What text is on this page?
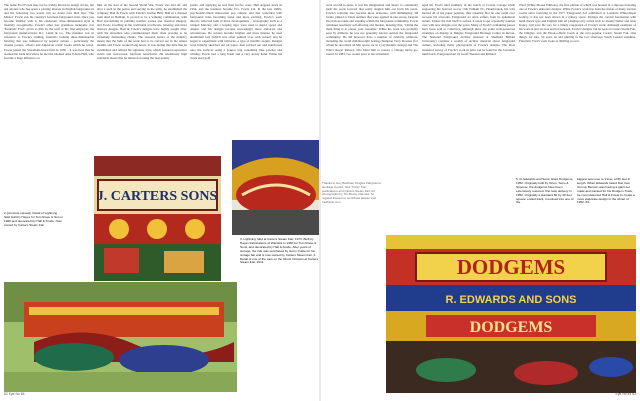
The name Fred Fowle may not be widely known in design circles, but ask anyone who has spent a passing interest in English fairground art and the following two words will no doubt pass their lips: 'The Master.' Fowle was the country's foremost fairground artist. Once you become familiar with it, his exuberant, three-dimensional style is instantly recognisable. Fowle's other less grandiose nickname was 'Futuristic Fred', given to him by the staff at his first employer, the fairground manufacturers R.J. Lakin & Co. The moniker was in reference to Fowle's striking, futuristic looking three-dimensional lettering that was influenced by popular culture – particularly the cinema posters, adverts and American comic books which he loved. Fowle joined the Streatham-based firm in 1939 – it was here that he learned his trade and where he met the talented artist Edwin Hall, who became a huge influence on
him. At the start of the Second World War, Fowle was laid off, and after a spell in the police and serving in the army, he established the company Hall & Fowle with Edwin's brother Billy Hall in a disused tram shed in Balham. It proved to be a winning combination, with Hall specialising in painting realistic scenes and classical imagery, and Fowle excelling in the traditional scrollwork, lettering and more abstract designs. Hall & Fowle's designs were highly sought after, with the showmen who commissioned them often proving to be extremely demanding clients. The seasonal nature of the industry meant that the bulk of the work had to be carried out in the winter months and Fowle worked long hours. It was during this time that he established and refined his signature style, which featured expressive swirls and curvaceous, forefront letterforms. He relentlessly high standards meant that he insisted on using the best quality
paints, and applying no less than twelve coats. Hall stepped down in 1954, and the business became F.G. Fowle Ltd. In the late 1960s, psychedelic-tinted innovation pop culture, and this coincided with fairground rides becoming faster and more exciting. Fowle's work directly reflected both of these developments – iconography such as a winged Mercury and a leaping tiger were used to depict speed and danger, and his designs became increasingly more elaborate and adventurous, the colours became brighter and more intense, he used aluminium leaf (which was often painted over with colour) and he began to experiment with Glitterite, a type of metallic sequin. Designs were initially sketched out on paper, then pricked out and transferred onto the surfaces using a pounce bag containing blue powder and whiting. Fowle had a long brush and a very steady hand. While his rivals used gold
2 (previous spread). Detail of Lightning Skid built by Hayes for Tom Rowe & Son in 1960 and decorated by Hall & Fowle. Now owned by Carters Steam Fair.
J. CARTERS SONS
3. Lightning Skid at Carters Steam Fair. 1973. Built by Hayes Fabrications of Warwick in 1960 for Tom Rowe & Sons, and decorated by Hall & Fowle. After years of storage, the ride was purchased by Gerry Cottle for his vintage fair and is now owned by Carters Steam Fair. 4. Detail of one of the cars on the Ghost Octopus at Carters Steam Fair, 2011.
62 Eye No 84
were second-to-none, it was his imagination and desire to continually push his work forward that really singled him out from his peers. Fowle's lettering also became more elaborate, with shimmering 3D forms, pinked or black outlines that were applied in one sweep. Despite his obvious talent and standing within the fairground community, Fowle remained resolutely self-effacing and modest, insisting that, 'I think the main thing is to please your customer.' While his work was probably seen by millions, he was not generally known outside the fairground community. He did however have a number of celebrity admirers, including the world middleweight boxing champion Terry Downes (for whom he decorated an MG sports car in a psychedelic design) and The Who's Roger Daltrey, who hired him to restore a vintage merry-go-round. In 1983, two weeks prior to his retirement,
aged 69, Fowle died suddenly in the stands at Craven Cottage while supporting his beloved soccer club Fulham FC. Heartbroken, his wife burned all of his paper patterns, thus ensuring that no one could ever recreate his artworks. Fairground art often suffers from its ephemeral nature. Unless the ride itself is retired, it tends to get repeatedly painted over with new designs over the years. Many of Fowle's remaining pieces have been sold to collectors, although there are some well-preserved examples on display at Dingles Fairground Heritage Centre in Devon. The National Fairground Archive (housed at Sheffield Hallam University) contains a wealth of archive material about fairground culture, including many photographs of Fowle's designs. The most extensive survey of Fowle's work in print can be found in the covetable ninth book, Fairground Art by Geoff Weedon and Richard
Ward (White Mouse Editions), the first edition of which was housed in a slipcase featuring one of Fowle's elaborate designs. While Fowle's work has been the inside of many auction rooms since featuring in the 1977 'Fairground Art' exhibition at London's Whitechapel Gallery, it has not been shown in a gallery space. Perhaps the current fascination with hand-drawn type and English folk art (displayed by artists such as Jeremy Deller and Alan Kane), will pave the way for a timely reappraisal of Fowle's work. Although examples of his work in situ are few and far between, Fowle's designs can be seen at Carters Steam Fair, the Dingles, and the Hook-a-Duck booth at the ever-popular Carters Steam Fair. One thing's for sure, 50 years on and glinting in the low afternoon South London sunshine, Futuristic Fred's work looks as thrilling as ever.
Thanks to Guy Belshaw, Dingles Fairground Heritage Centre, Ned 'Tricky' Fair publications and Carters Steam Fair. All photographs by Tim Bovey planned. To register interest or contribute please visit fredfowle.com
5. R. Edwards and Sons' Giant Dodgems, 1952. Originally built by Orton, Sons & Spooner, the dodgems have been extensively restored, first took delivery in 1952. Originally a standard 60 by 40 feet square: ended track, it evolved into one of the
biggest sets ever to travel, at 80 feet in length. When Edwards heard that rival Tommy Benson was having a giant set made and painted for his Dodgem Track, he commissioned Hall & Fowle to create a more elaborate design in the winter of 1952–54.
DODGEMS
R. EDWARDS AND SONS
DODGEMS
Eye No 84 63
